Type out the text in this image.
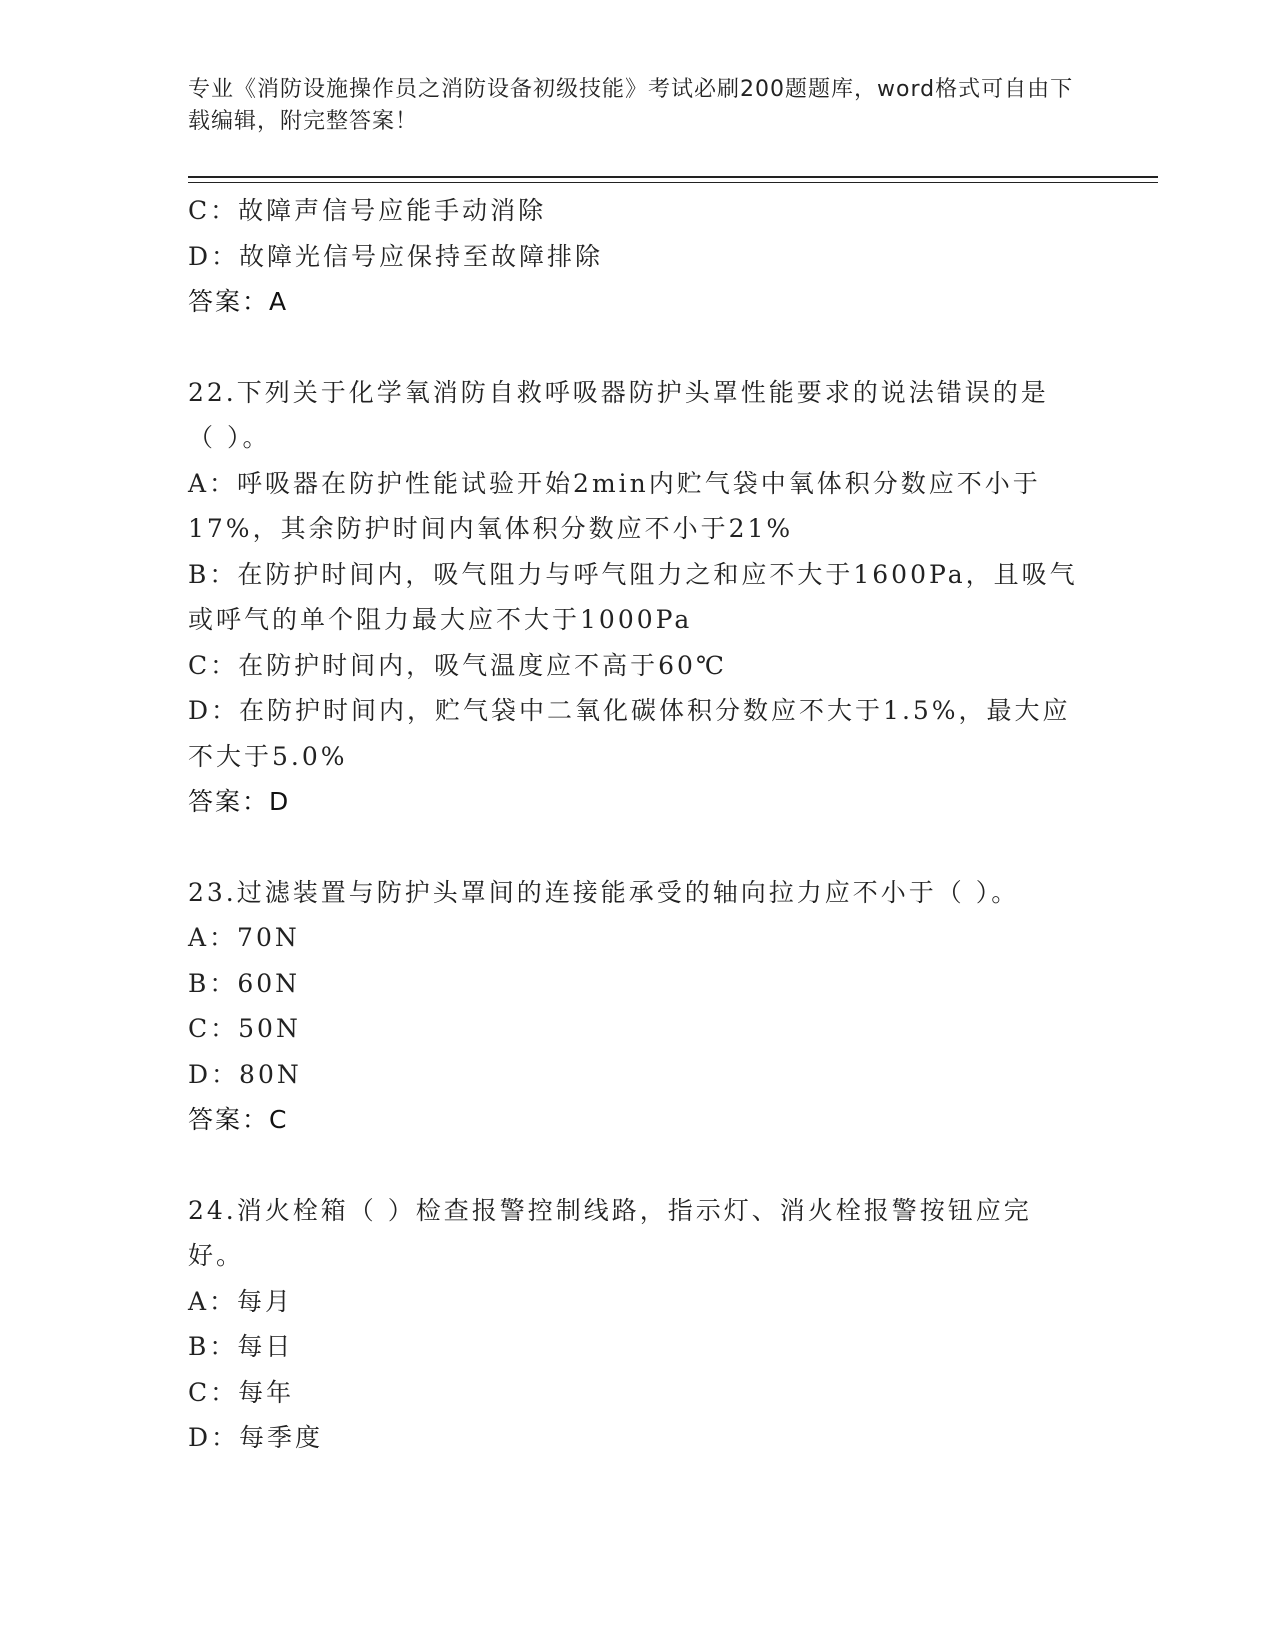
专业《消防设施操作员之消防设备初级技能》考试必刷200题题库，word格式可自由下载编辑，附完整答案！
C：故障声信号应能手动消除
D：故障光信号应保持至故障排除
答案：A
22.下列关于化学氧消防自救呼吸器防护头罩性能要求的说法错误的是
（ ）。
A：呼吸器在防护性能试验开始2min内贮气袋中氧体积分数应不小于
17%，其余防护时间内氧体积分数应不小于21%
B：在防护时间内，吸气阻力与呼气阻力之和应不大于1600Pa，且吸气
或呼气的单个阻力最大应不大于1000Pa
C：在防护时间内，吸气温度应不高于60℃
D：在防护时间内，贮气袋中二氧化碳体积分数应不大于1.5%，最大应
不大于5.0%
答案：D
23.过滤装置与防护头罩间的连接能承受的轴向拉力应不小于（ ）。
A：70N
B：60N
C：50N
D：80N
答案：C
24.消火栓箱（ ）检查报警控制线路，指示灯、消火栓报警按钮应完
好。
A：每月
B：每日
C：每年
D：每季度
